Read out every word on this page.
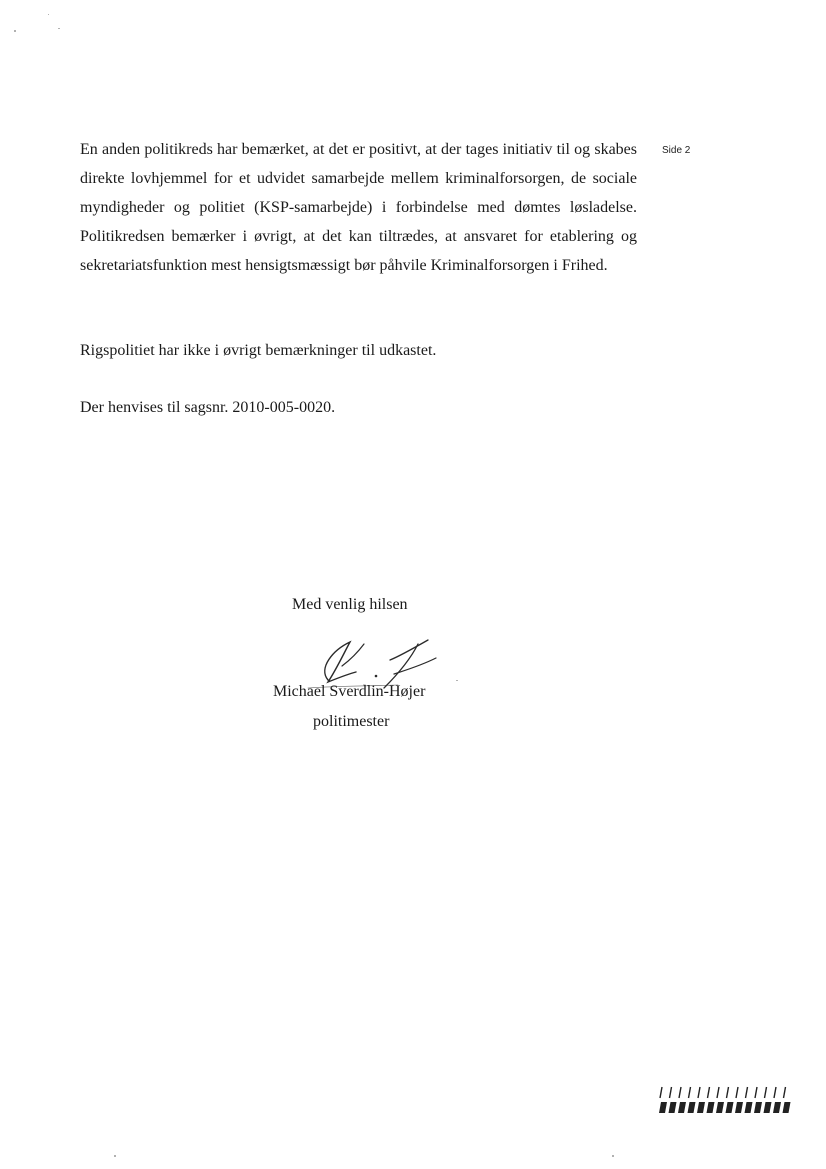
Side 2

En anden politikreds har bemærket, at det er positivt, at der tages initiativ til og skabes direkte lovhjemmel for et udvidet samarbejde mellem kriminalforsorgen, de sociale myndigheder og politiet (KSP-samarbejde) i forbindelse med dømtes løsladelse. Politikredsen bemærker i øvrigt, at det kan tiltrædes, at ansvaret for etablering og sekretariatsfunktion mest hensigtsmæssigt bør påhvile Kriminalforsorgen i Frihed.

Rigspolitiet har ikke i øvrigt bemærkninger til udkastet.

Der henvises til sagsnr. 2010-005-0020.

Med venlig hilsen
Michael Sverdlin-Højer
politimester
